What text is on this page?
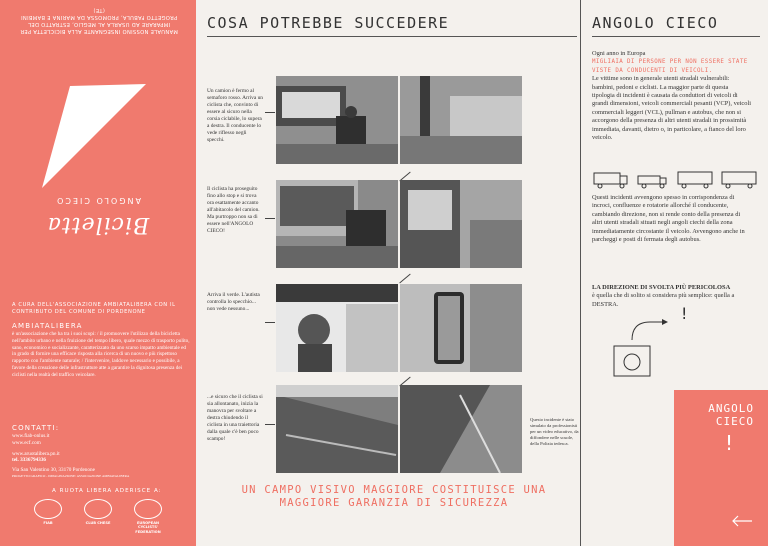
MANUALE NOSSINO INSEGNANTE ALLA BICICLETTA PER IMPARARE AD USARLA AL MEGLIO, ESTRATTO DEL PROGETTO FABULA, PROMOSSA DA MARINA E BAMBINI (TE)
ANGOLO CIECO
Biciletta
A CURA DELL'ASSOCIAZIONE AMBIATALIBERA CON IL CONTRIBUTO DEL COMUNE DI PORDENONE
AMBIATALIBERA
è un'associazione che ha tra i suoi scopi: / il promuovere l'utilizzo della bicicletta nell'ambito urbano e nella fruizione del tempo libero, quale mezzo di trasporto pulito, sano, economico e socializzante, caratterizzato da uno scarso impatto ambientale ed in grado di fornire una efficace risposta alla ricerca di un nuovo e più rispettoso rapporto con l'ambiente naturale; / l'intervenire, laddove necessario e possibile, a favore della creazione delle infrastrutture atte a garantire la dignitosa presenza dei ciclisti nella realtà del traffico veicolare.
CONTATTI:
www.fiab-onlus.it
www.ecf.com
www.aruotalibera.pn.it
tel. 3336794336
Via San Valentino 30, 33170 Pordenone
PROGETTO GRAFICO - IMPAGINAZIONE: ASSOCIAZIONE AMBIATALIBERA
A RUOTA LIBERA ADERISCE A:
FIAB	CLUB CHESE	EUROPEAN CYCLISTS' FEDERATION
COSA POTREBBE SUCCEDERE
Un camion è fermo al semaforo rosso. Arriva un ciclista che, convinto di essere al sicuro nella corsia ciclabile, lo supera a destra. Il conducente lo vede riflesso negli specchi.
Il ciclista ha proseguito fino allo stop e si trova ora esattamente accanto all'abitacolo del camion. Ma purtroppo non sa di essere nell'ANGOLO CIECO!
Arriva il verde. L'autista controlla lo specchio... non vede nessuno...
...e sicuro che il ciclista si sia allontanato, inizia la manovra per svoltare a destra chiudendo il ciclista in una traiettoria dalla quale c'è ben poco scampo!
Questo incidente è stato simulato da professionisti per un video educativo, da diffondere nelle scuole, della Polizia tedesca.
UN CAMPO VISIVO MAGGIORE COSTITUISCE UNA MAGGIORE GARANZIA DI SICUREZZA
ANGOLO CIECO
Ogni anno in Europa
MIGLIAIA DI PERSONE PER NON ESSERE STATE VISTE DA CONDUCENTI DI VEICOLI.
Le vittime sono in generale utenti stradali vulnerabili: bambini, pedoni e ciclisti. La maggior parte di questa tipologia di incidenti è causata da conduttori di veicoli di grandi dimensioni, veicoli commerciali pesanti (VCP), veicoli commerciali leggeri (VCL), pullman e autobus, che non si accorgono della presenza di altri utenti stradali in prossimità immediata, davanti, dietro o, in particolare, a fianco del loro veicolo.
Questi incidenti avvengono spesso in corrispondenza di incroci, confluenze e rotatorie allorché il conducente, cambiando direzione, non si rende conto della presenza di altri utenti stradali situati negli angoli ciechi della zona immediatamente circostante il veicolo. Avvengono anche in parcheggi e posti di fermata degli autobus.
LA DIREZIONE DI SVOLTA PIÙ PERICOLOSA
è quella che di solito si considera più semplice: quella a DESTRA.	!
ANGOLO
CIECO
!
